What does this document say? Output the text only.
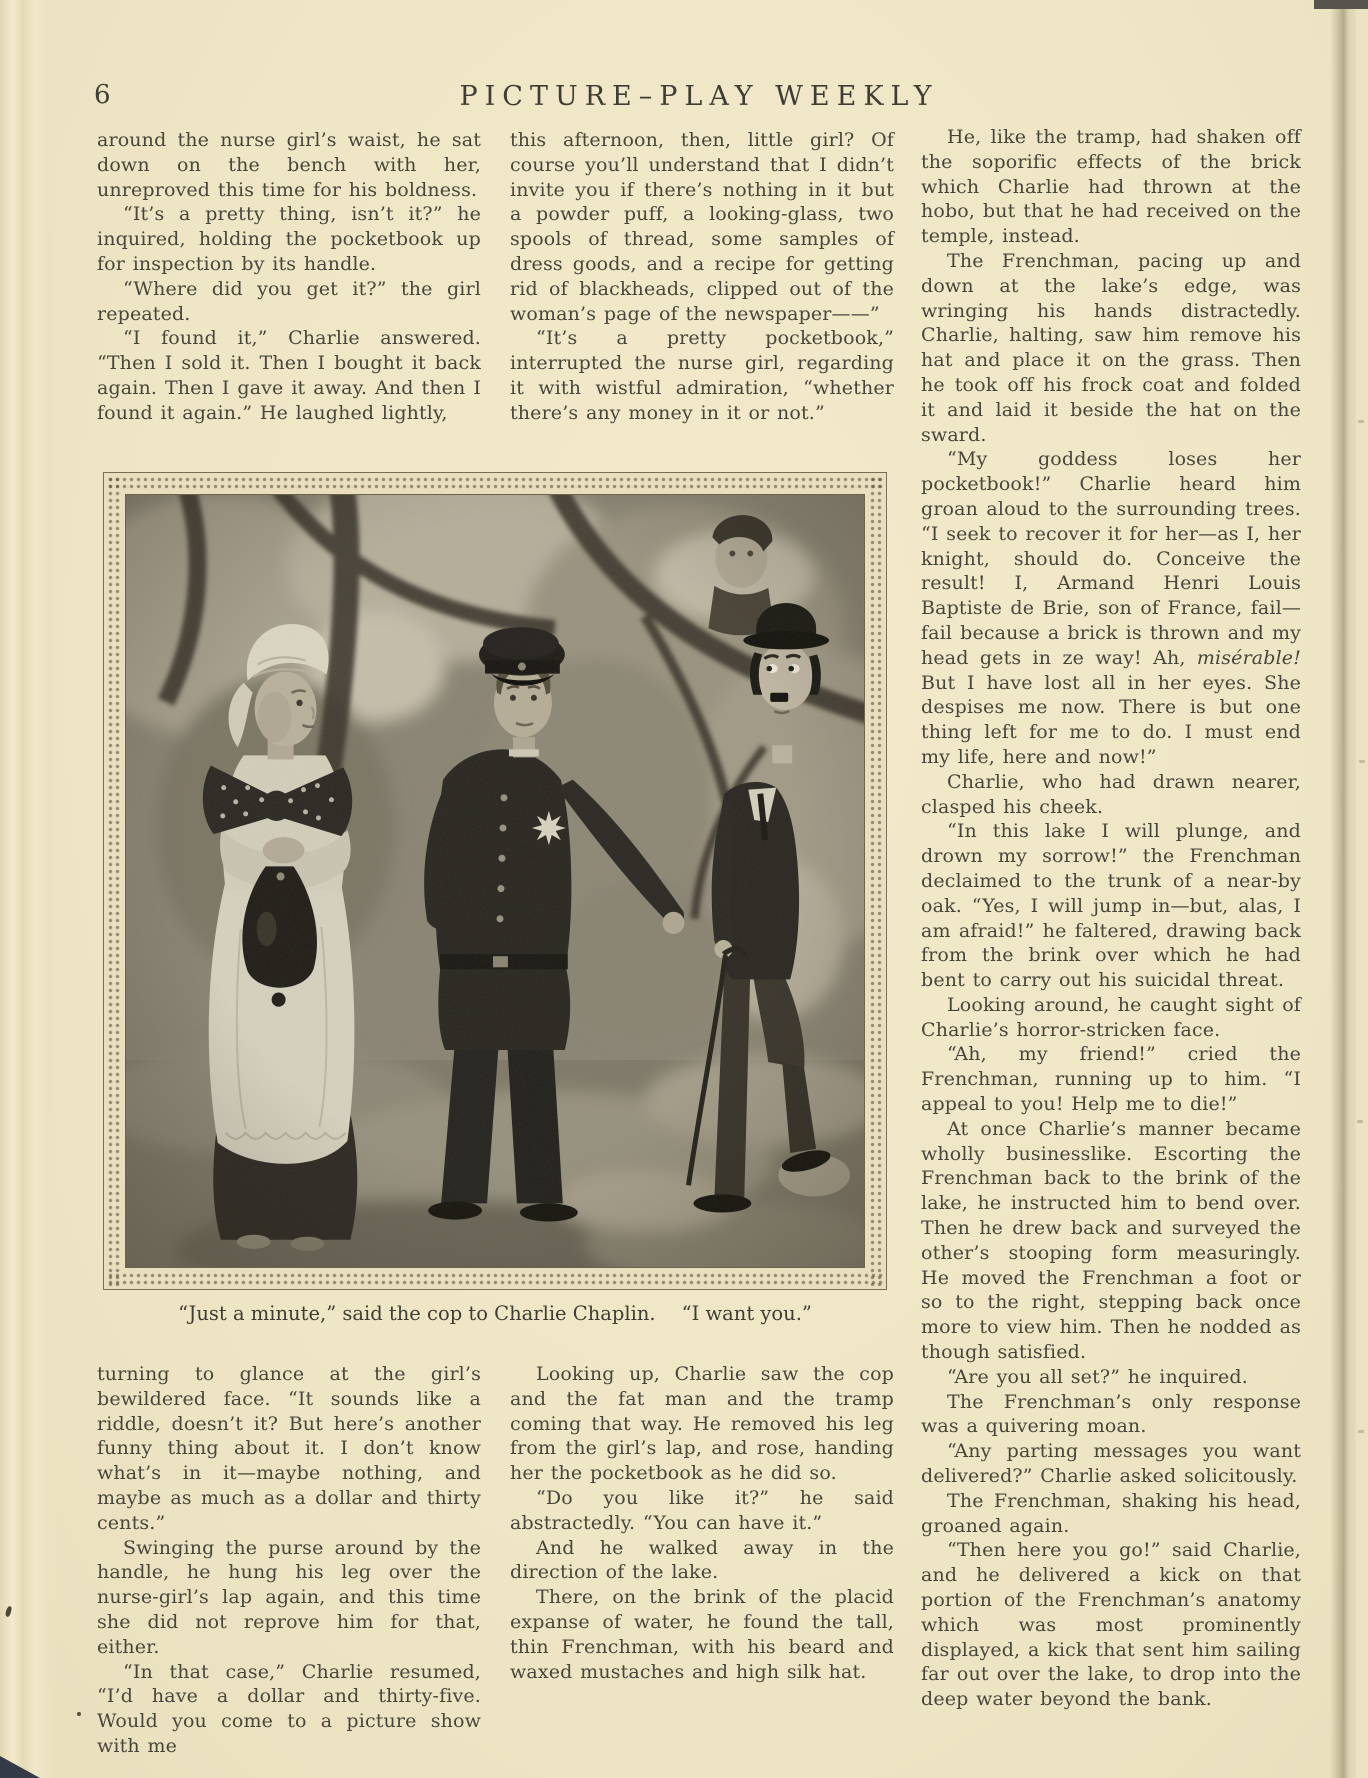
6	PICTURE–PLAY WEEKLY

around the nurse girl’s waist, he sat down on the bench with her, unreproved this time for his boldness.

“It’s a pretty thing, isn’t it?” he inquired, holding the pocketbook up for inspection by its handle.

“Where did you get it?” the girl repeated.

“I found it,” Charlie answered. “Then I sold it. Then I bought it back again. Then I gave it away. And then I found it again.” He laughed lightly,

this afternoon, then, little girl? Of course you’ll understand that I didn’t invite you if there’s nothing in it but a powder puff, a looking-glass, two spools of thread, some samples of dress goods, and a recipe for getting rid of blackheads, clipped out of the woman’s page of the newspaper——”

“It’s a pretty pocketbook,” interrupted the nurse girl, regarding it with wistful admiration, “whether there’s any money in it or not.”

He, like the tramp, had shaken off the soporific effects of the brick which Charlie had thrown at the hobo, but that he had received on the temple, instead.

The Frenchman, pacing up and down at the lake’s edge, was wringing his hands distractedly. Charlie, halting, saw him remove his hat and place it on the grass. Then he took off his frock coat and folded it and laid it beside the hat on the sward.

“My goddess loses her pocketbook!” Charlie heard him groan aloud to the surrounding trees. “I seek to recover it for her—as I, her knight, should do. Conceive the result! I, Armand Henri Louis Baptiste de Brie, son of France, fail—fail because a brick is thrown and my head gets in ze way! Ah, misérable! But I have lost all in her eyes. She despises me now. There is but one thing left for me to do. I must end my life, here and now!”

Charlie, who had drawn nearer, clasped his cheek.

“In this lake I will plunge, and drown my sorrow!” the Frenchman declaimed to the trunk of a near-by oak. “Yes, I will jump in—but, alas, I am afraid!” he faltered, drawing back from the brink over which he had bent to carry out his suicidal threat.

Looking around, he caught sight of Charlie’s horror-stricken face.

“Ah, my friend!” cried the Frenchman, running up to him. “I appeal to you! Help me to die!”

At once Charlie’s manner became wholly businesslike. Escorting the Frenchman back to the brink of the lake, he instructed him to bend over. Then he drew back and surveyed the other’s stooping form measuringly. He moved the Frenchman a foot or so to the right, stepping back once more to view him. Then he nodded as though satisfied.

“Are you all set?” he inquired.

The Frenchman’s only response was a quivering moan.

“Any parting messages you want delivered?” Charlie asked solicitously.

The Frenchman, shaking his head, groaned again.

“Then here you go!” said Charlie, and he delivered a kick on that portion of the Frenchman’s anatomy which was most prominently displayed, a kick that sent him sailing far out over the lake, to drop into the deep water beyond the bank.

“Just a minute,” said the cop to Charlie Chaplin. “I want you.”

turning to glance at the girl’s bewildered face. “It sounds like a riddle, doesn’t it? But here’s another funny thing about it. I don’t know what’s in it—maybe nothing, and maybe as much as a dollar and thirty cents.”

Swinging the purse around by the handle, he hung his leg over the nurse-girl’s lap again, and this time she did not reprove him for that, either.

“In that case,” Charlie resumed, “I’d have a dollar and thirty-five. Would you come to a picture show with me

Looking up, Charlie saw the cop and the fat man and the tramp coming that way. He removed his leg from the girl’s lap, and rose, handing her the pocketbook as he did so.

“Do you like it?” he said abstractedly. “You can have it.”

And he walked away in the direction of the lake.

There, on the brink of the placid expanse of water, he found the tall, thin Frenchman, with his beard and waxed mustaches and high silk hat.
